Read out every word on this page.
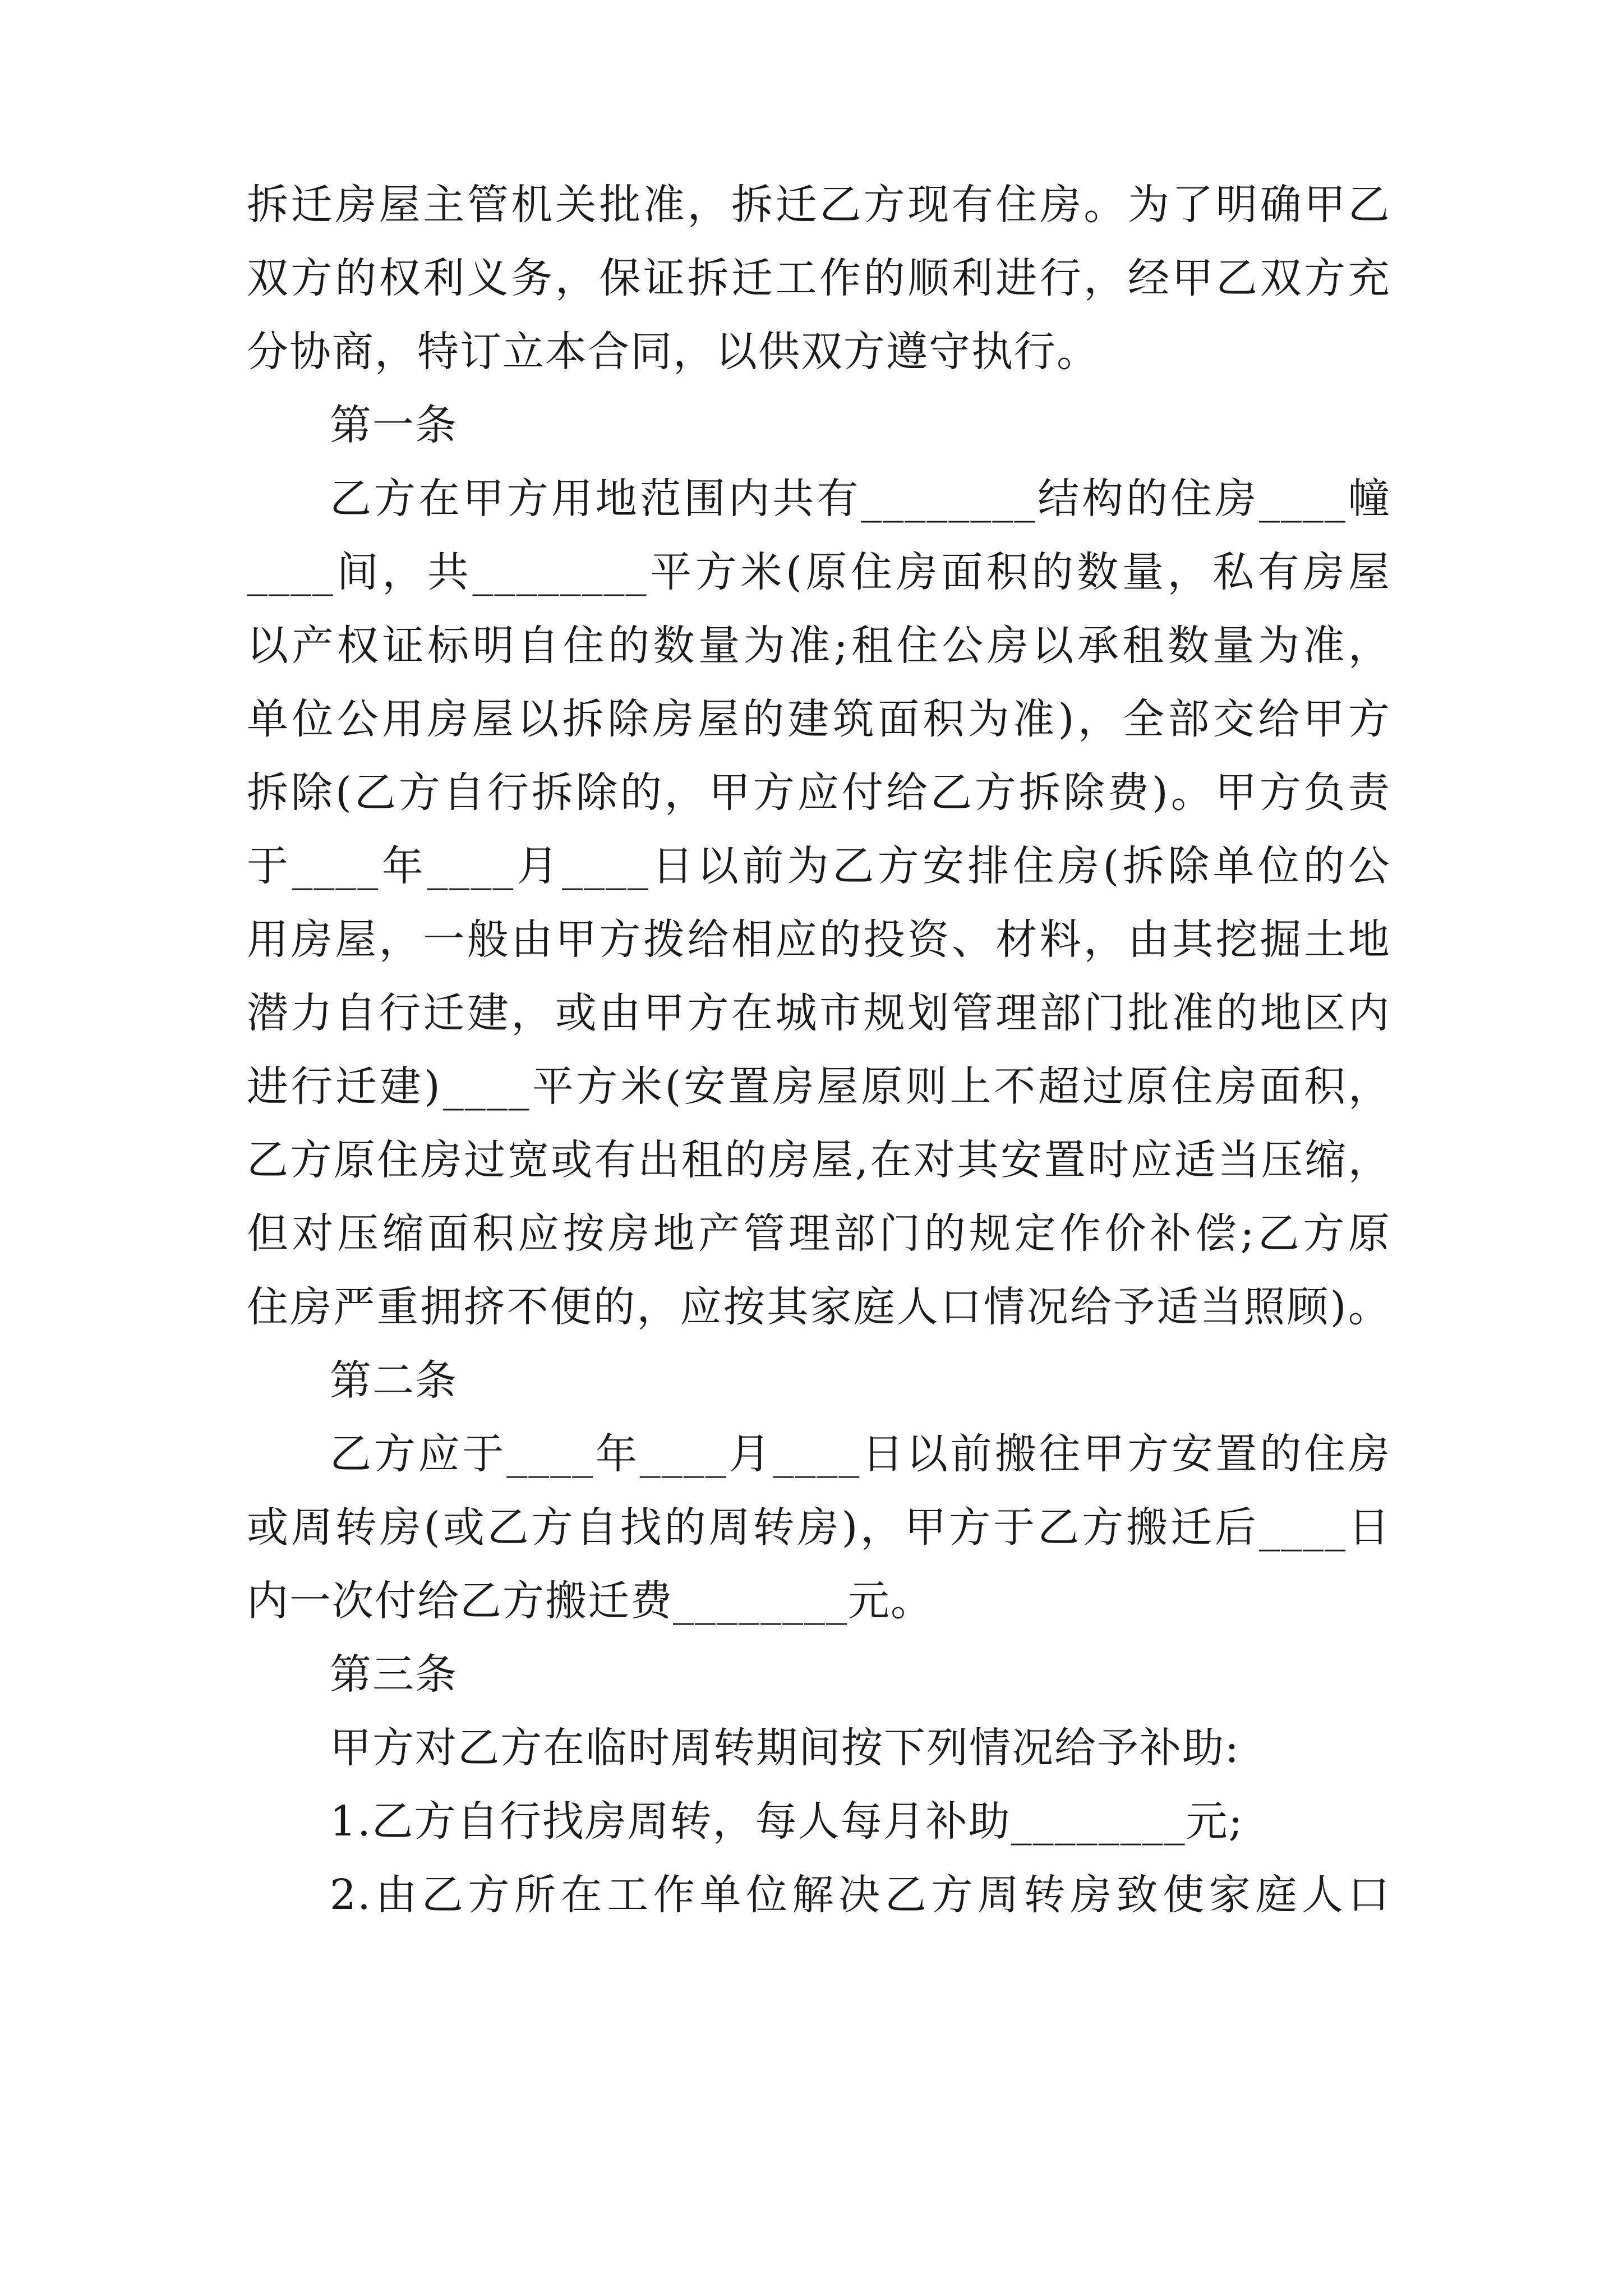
拆 迁 房 屋 主 管 机 关 批 准 ， 拆 迁 乙 方 现 有 住 房 。 为 了 明 确 甲 乙
双 方 的 权 利 义 务 ， 保 证 拆 迁 工 作 的 顺 利 进 行 ， 经 甲 乙 双 方 充
分协商，特订立本合同，以供双方遵守执行。
第一条
乙 方 在 甲 方 用 地 范 围 内 共 有 ________ 结 构 的 住 房 ____ 幢
____ 间 ， 共 ________ 平 方 米 ( 原 住 房 面 积 的 数 量 ， 私 有 房 屋
以 产 权 证 标 明 自 住 的 数 量 为 准 ; 租 住 公 房 以 承 租 数 量 为 准 ，
单 位 公 用 房 屋 以 拆 除 房 屋 的 建 筑 面 积 为 准 ) ， 全 部 交 给 甲 方
拆 除 ( 乙 方 自 行 拆 除 的 ， 甲 方 应 付 给 乙 方 拆 除 费 ) 。 甲 方 负 责
于 ____ 年 ____ 月 ____ 日 以 前 为 乙 方 安 排 住 房 ( 拆 除 单 位 的 公
用 房 屋 ， 一 般 由 甲 方 拨 给 相 应 的 投 资 、 材 料 ， 由 其 挖 掘 土 地
潜 力 自 行 迁 建 ， 或 由 甲 方 在 城 市 规 划 管 理 部 门 批 准 的 地 区 内
进 行 迁 建 ) ____ 平 方 米 ( 安 置 房 屋 原 则 上 不 超 过 原 住 房 面 积 ，
乙 方 原 住 房 过 宽 或 有 出 租 的 房 屋 , 在 对 其 安 置 时 应 适 当 压 缩 ，
但 对 压 缩 面 积 应 按 房 地 产 管 理 部 门 的 规 定 作 价 补 偿 ; 乙 方 原
住 房 严 重 拥 挤 不 便 的 ， 应 按 其 家 庭 人 口 情 况 给 予 适 当 照 顾 ) 。
第二条
乙 方 应 于 ____ 年 ____ 月 ____ 日 以 前 搬 往 甲 方 安 置 的 住 房
或 周 转 房 ( 或 乙 方 自 找 的 周 转 房 ) ， 甲 方 于 乙 方 搬 迁 后 ____ 日
内一次付给乙方搬迁费________元。
第三条
甲方对乙方在临时周转期间按下列情况给予补助:
1.乙方自行找房周转，每人每月补助________元;
2. 由 乙 方 所 在 工 作 单 位 解 决 乙 方 周 转 房 致 使 家 庭 人 口
